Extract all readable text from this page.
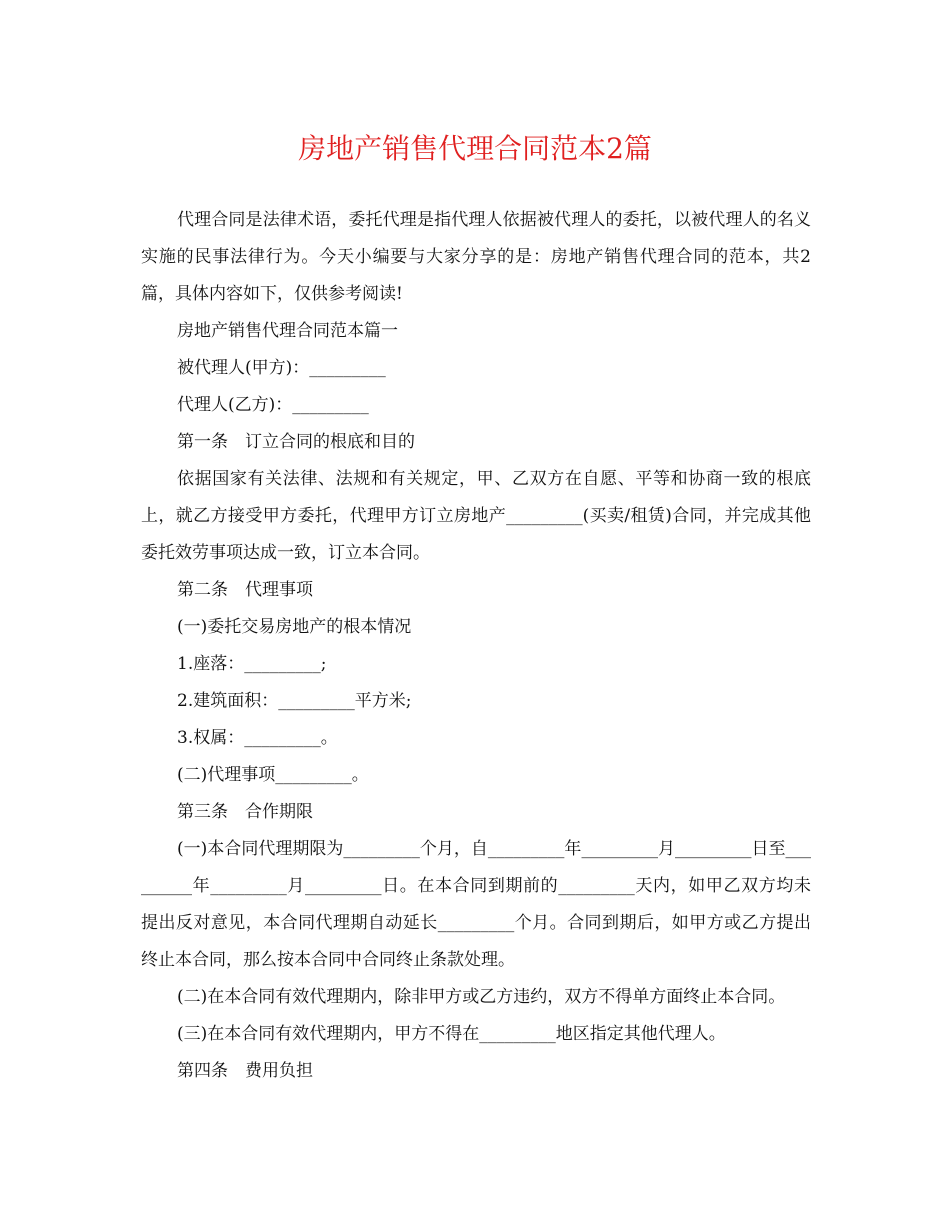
房地产销售代理合同范本2篇

代理合同是法律术语，委托代理是指代理人依据被代理人的委托，以被代理人的名义实施的民事法律行为。今天小编要与大家分享的是：房地产销售代理合同的范本，共2篇，具体内容如下，仅供参考阅读!

房地产销售代理合同范本篇一

被代理人(甲方)：_________

代理人(乙方)：_________

第一条　订立合同的根底和目的

依据国家有关法律、法规和有关规定，甲、乙双方在自愿、平等和协商一致的根底上，就乙方接受甲方委托，代理甲方订立房地产_________(买卖/租赁)合同，并完成其他委托效劳事项达成一致，订立本合同。

第二条　代理事项

(一)委托交易房地产的根本情况

1.座落：_________;

2.建筑面积：_________平方米;

3.权属：_________。

(二)代理事项_________。

第三条　合作期限

(一)本合同代理期限为_________个月，自_________年_________月_________日至_________年_________月_________日。在本合同到期前的_________天内，如甲乙双方均未提出反对意见，本合同代理期自动延长_________个月。合同到期后，如甲方或乙方提出终止本合同，那么按本合同中合同终止条款处理。

(二)在本合同有效代理期内，除非甲方或乙方违约，双方不得单方面终止本合同。

(三)在本合同有效代理期内，甲方不得在_________地区指定其他代理人。

第四条　费用负担
